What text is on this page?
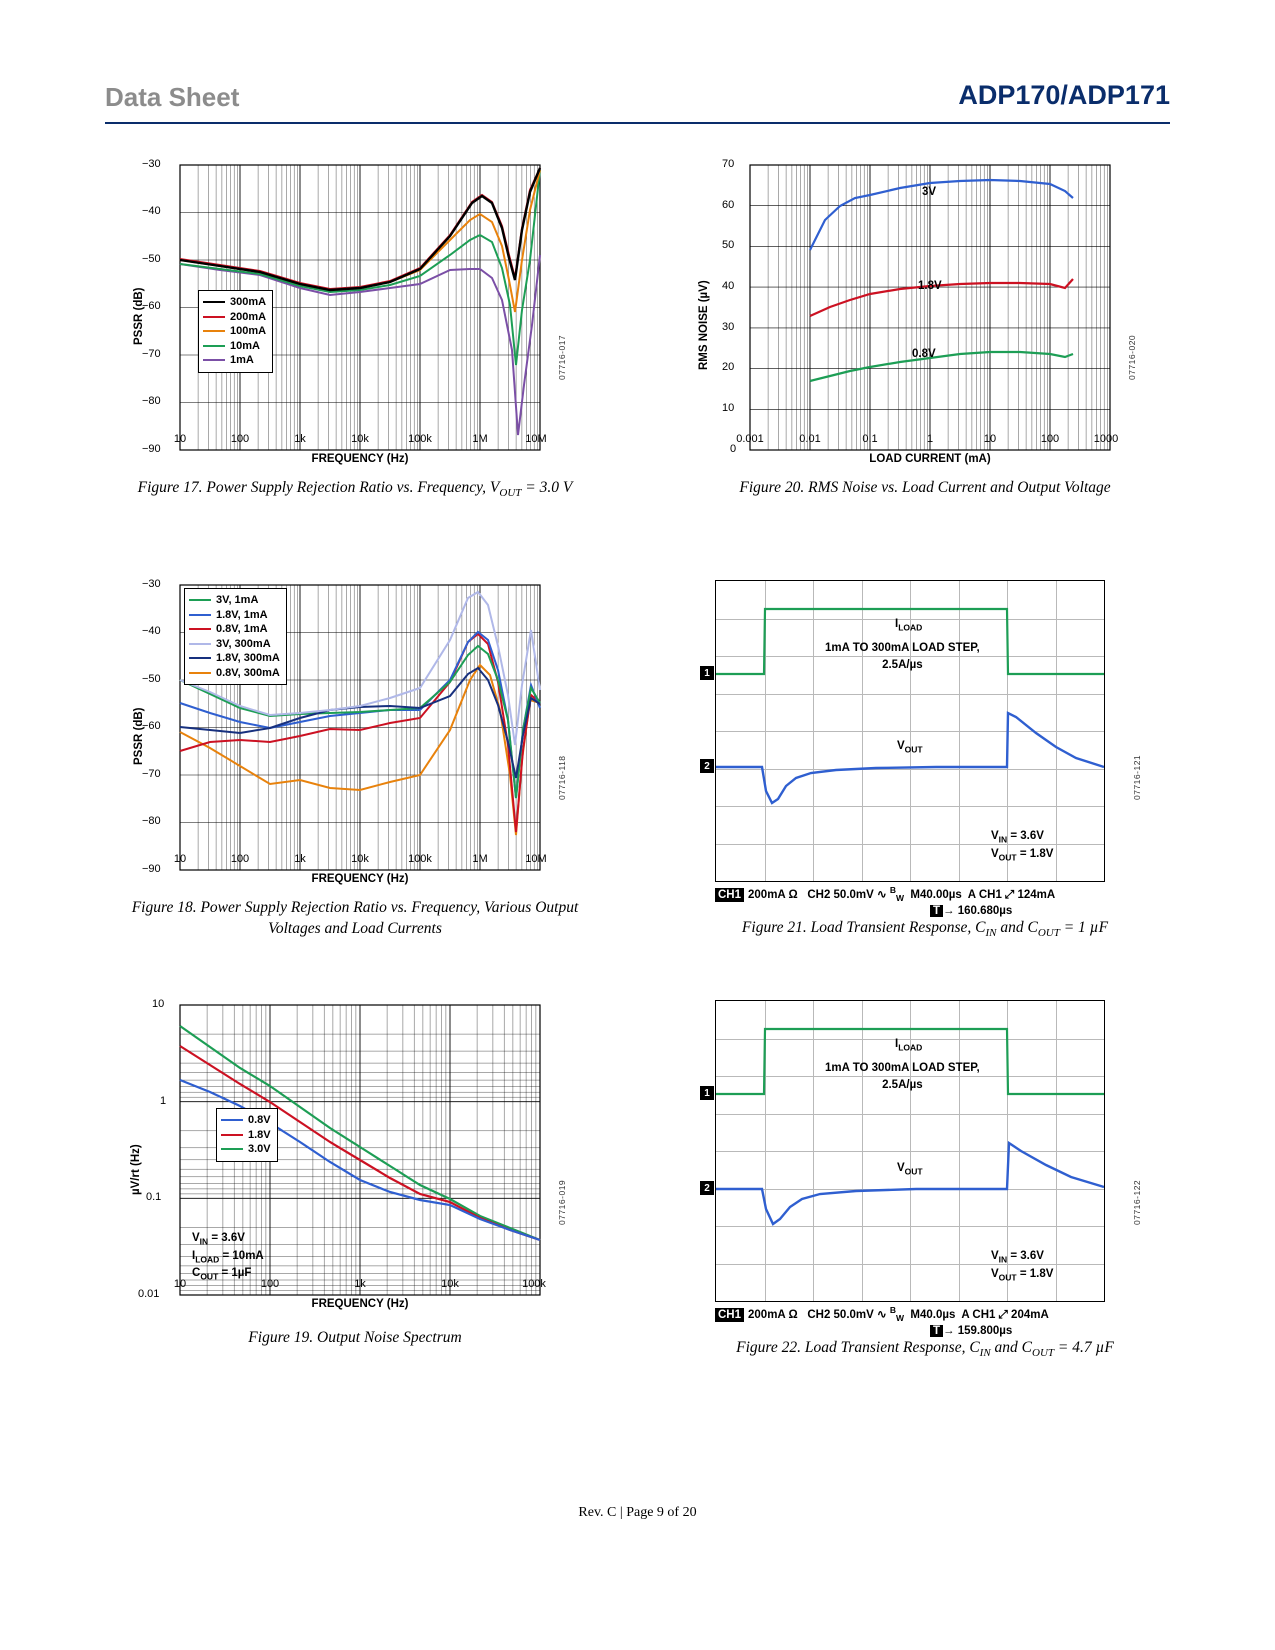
Data Sheet	ADP170/ADP171
PSSR (dB)
FREQUENCY (Hz)
−30
−40
−50
−60
−70
−80
−90
10	100	1k	10k	100k	1M	10M
300mA
200mA
100mA
10mA
1mA	07716-017
Figure 17. Power Supply Rejection Ratio vs. Frequency, $V_{OUT} = 3.0$ V
RMS NOISE (µV)
LOAD CURRENT (mA)
70
60
50
40
30
20
10
0
0.001	0.01	0.1	1	10	100	1000
3V
1.8V
0.8V	07716-020
Figure 20. RMS Noise vs. Load Current and Output Voltage
PSSR (dB)
FREQUENCY (Hz)
−30
−40
−50
−60
−70
−80
−90
10	100	1k	10k	100k	1M	10M
3V, 1mA
1.8V, 1mA
0.8V, 1mA
3V, 300mA
1.8V, 300mA
0.8V, 300mA
07716-118
Figure 18. Power Supply Rejection Ratio vs. Frequency, Various Output
Voltages and Load Currents
1
2
$I_{LOAD}$
1mA TO 300mA LOAD STEP,

2.5A/µs
$V_{OUT}$
$V_{IN} = 3.6V$
$V_{OUT} = 1.8V$
CH1 200mA Ω CH2 50.0mV ∿ $^B_W$ M40.00µs A CH1 ⤢ 124mA
T → 160.680µs
07716-121
Figure 21. Load Transient Response, $C_{IN}$ and $C_{OUT} = 1$ µF
µV/rt (Hz)
FREQUENCY (Hz)
10
1
0.1
0.01
10	100	1k	10k	100k
0.8V
1.8V
3.0V
$V_{IN} = 3.6V$
$I_{LOAD} = 10mA$
$C_{OUT} = 1\mu F$
07716-019
Figure 19. Output Noise Spectrum
1
2
$I_{LOAD}$
1mA TO 300mA LOAD STEP,

2.5A/µs
$V_{OUT}$
$V_{IN} = 3.6V$
$V_{OUT} = 1.8V$
CH1 200mA Ω CH2 50.0mV ∿ $^B_W$ M40.0µs A CH1 ⤢ 204mA
T → 159.800µs
07716-122
Figure 22. Load Transient Response, $C_{IN}$ and $C_{OUT} = 4.7$ µF
Rev. C | Page 9 of 20
